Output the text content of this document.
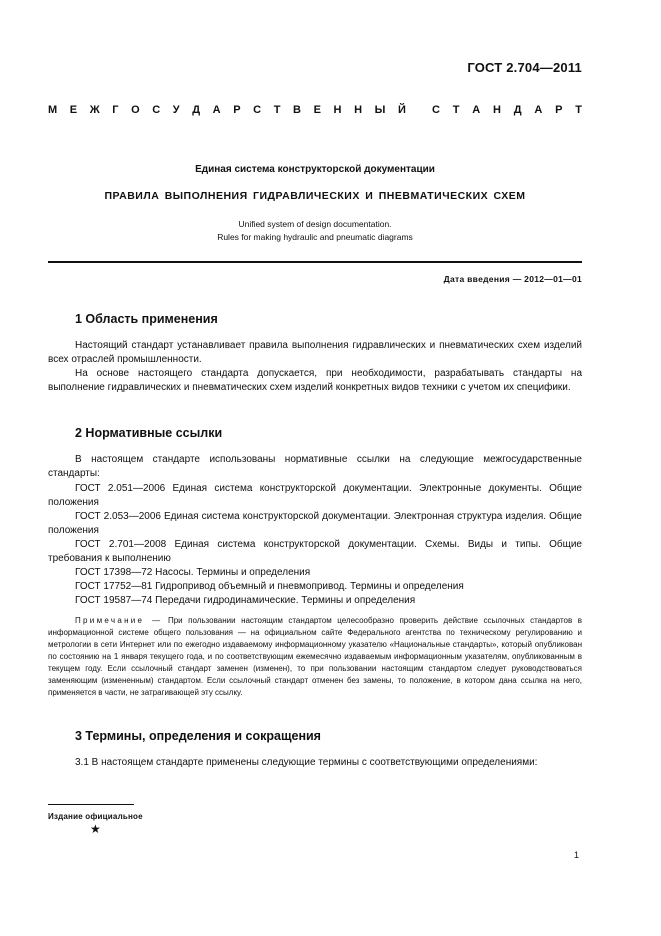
ГОСТ 2.704—2011
М Е Ж Г О С У Д А Р С Т В Е Н Н Ы Й С Т А Н Д А Р Т
Единая система конструкторской документации
ПРАВИЛА ВЫПОЛНЕНИЯ ГИДРАВЛИЧЕСКИХ И ПНЕВМАТИЧЕСКИХ СХЕМ
Unified system of design documentation.
Rules for making hydraulic and pneumatic diagrams
Дата введения — 2012—01—01
1 Область применения
Настоящий стандарт устанавливает правила выполнения гидравлических и пневматических схем изделий всех отраслей промышленности.
На основе настоящего стандарта допускается, при необходимости, разрабатывать стандарты на выполнение гидравлических и пневматических схем изделий конкретных видов техники с учетом их специфики.
2 Нормативные ссылки
В настоящем стандарте использованы нормативные ссылки на следующие межгосударственные стандарты:
ГОСТ 2.051—2006 Единая система конструкторской документации. Электронные документы. Общие положения
ГОСТ 2.053—2006 Единая система конструкторской документации. Электронная структура изделия. Общие положения
ГОСТ 2.701—2008 Единая система конструкторской документации. Схемы. Виды и типы. Общие требования к выполнению
ГОСТ 17398—72 Насосы. Термины и определения
ГОСТ 17752—81 Гидропривод объемный и пневмопривод. Термины и определения
ГОСТ 19587—74 Передачи гидродинамические. Термины и определения
Примечание — При пользовании настоящим стандартом целесообразно проверить действие ссылочных стандартов в информационной системе общего пользования — на официальном сайте Федерального агентства по техническому регулированию и метрологии в сети Интернет или по ежегодно издаваемому информационному указателю «Национальные стандарты», который опубликован по состоянию на 1 января текущего года, и по соответствующим ежемесячно издаваемым информационным указателям, опубликованным в текущем году. Если ссылочный стандарт заменен (изменен), то при пользовании настоящим стандартом следует руководствоваться заменяющим (измененным) стандартом. Если ссылочный стандарт отменен без замены, то положение, в котором дана ссылка на него, применяется в части, не затрагивающей эту ссылку.
3 Термины, определения и сокращения
3.1 В настоящем стандарте применены следующие термины с соответствующими определениями:
Издание официальное
★
1
